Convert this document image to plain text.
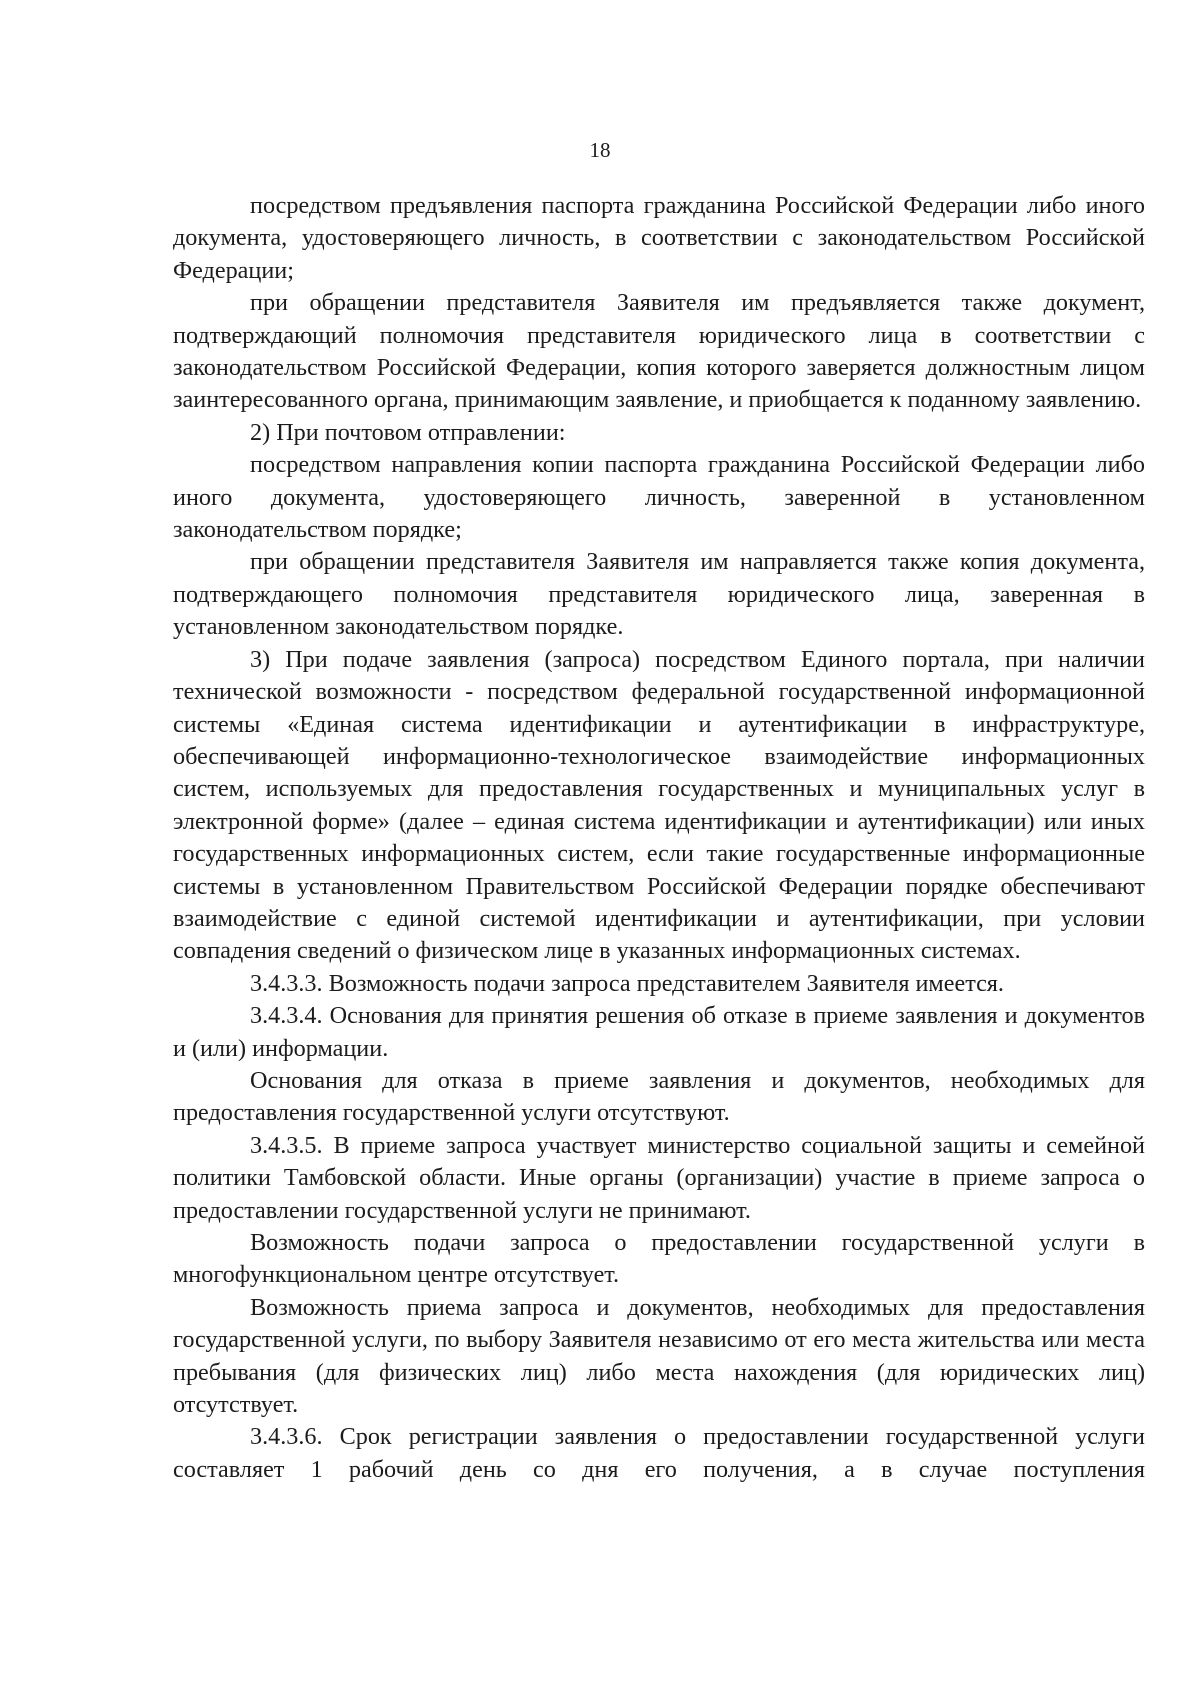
18

посредством предъявления паспорта гражданина Российской Федерации либо иного документа, удостоверяющего личность, в соответствии с законодательством Российской Федерации;

при обращении представителя Заявителя им предъявляется также документ, подтверждающий полномочия представителя юридического лица в соответствии с законодательством Российской Федерации, копия которого заверяется должностным лицом заинтересованного органа, принимающим заявление, и приобщается к поданному заявлению.

2) При почтовом отправлении:

посредством направления копии паспорта гражданина Российской Федерации либо иного документа, удостоверяющего личность, заверенной в установленном законодательством порядке;

при обращении представителя Заявителя им направляется также копия документа, подтверждающего полномочия представителя юридического лица, заверенная в установленном законодательством порядке.

3) При подаче заявления (запроса) посредством Единого портала, при наличии технической возможности - посредством федеральной государственной информационной системы «Единая система идентификации и аутентификации в инфраструктуре, обеспечивающей информационно-технологическое взаимодействие информационных систем, используемых для предоставления государственных и муниципальных услуг в электронной форме» (далее – единая система идентификации и аутентификации) или иных государственных информационных систем, если такие государственные информационные системы в установленном Правительством Российской Федерации порядке обеспечивают взаимодействие с единой системой идентификации и аутентификации, при условии совпадения сведений о физическом лице в указанных информационных системах.

3.4.3.3. Возможность подачи запроса представителем Заявителя имеется.

3.4.3.4. Основания для принятия решения об отказе в приеме заявления и документов и (или) информации.

Основания для отказа в приеме заявления и документов, необходимых для предоставления государственной услуги отсутствуют.

3.4.3.5. В приеме запроса участвует министерство социальной защиты и семейной политики Тамбовской области. Иные органы (организации) участие в приеме запроса о предоставлении государственной услуги не принимают.

Возможность подачи запроса о предоставлении государственной услуги в многофункциональном центре отсутствует.

Возможность приема запроса и документов, необходимых для предоставления государственной услуги, по выбору Заявителя независимо от его места жительства или места пребывания (для физических лиц) либо места нахождения (для юридических лиц) отсутствует.

3.4.3.6. Срок регистрации заявления о предоставлении государственной услуги составляет 1 рабочий день со дня его получения, а в случае поступления
